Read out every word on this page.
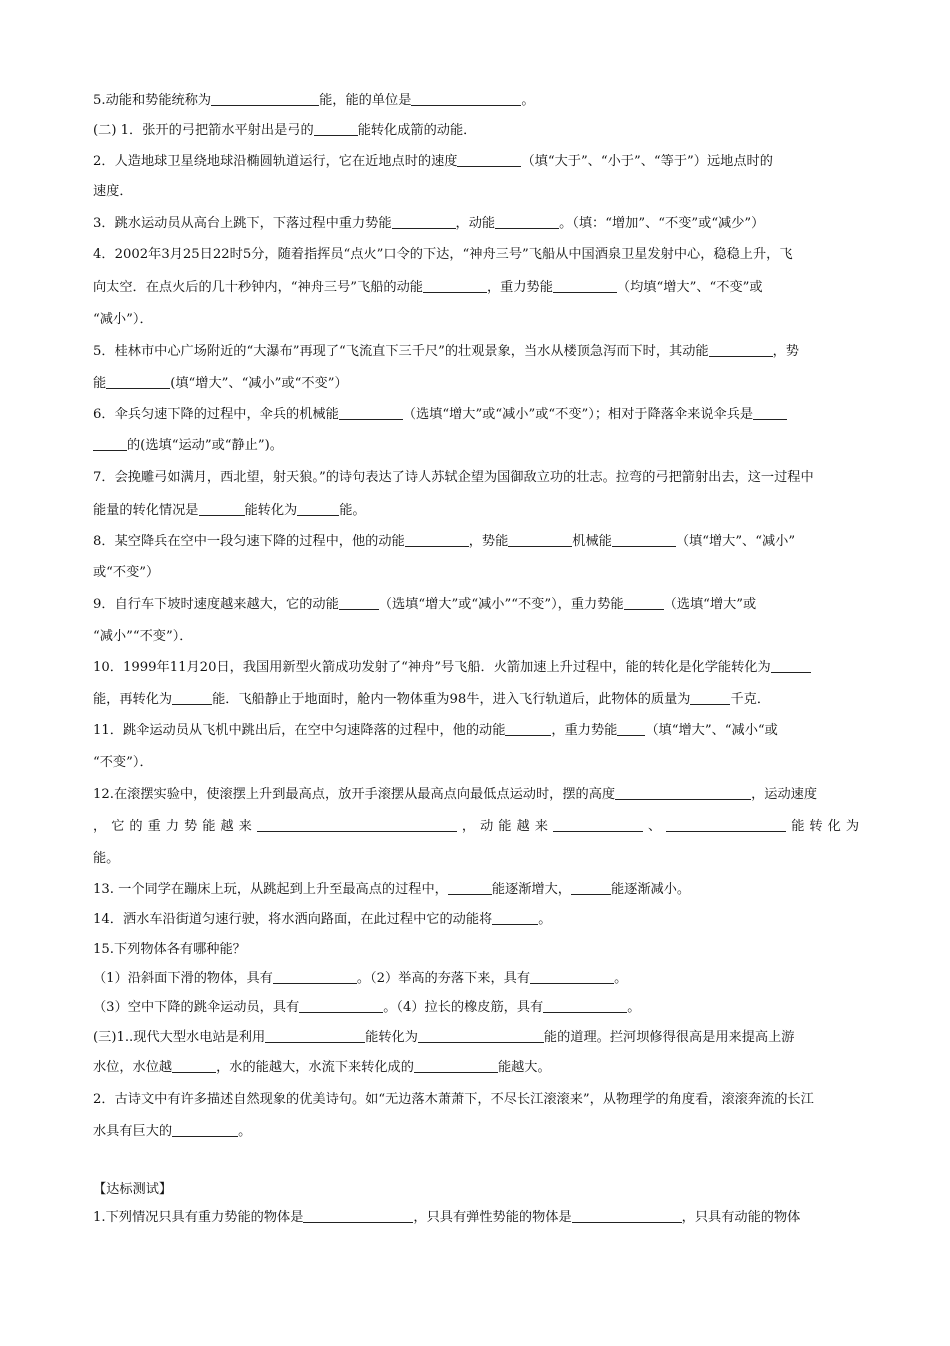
5.动能和势能统称为	能，能的单位是	。
(二) 1．张开的弓把箭水平射出是弓的	能转化成箭的动能．
2．人造地球卫星绕地球沿椭圆轨道运行，它在近地点时的速度	（填“大于”、“小于”、“等于”）远地点时的
速度．
3．跳水运动员从高台上跳下，下落过程中重力势能	，动能	。（填：“增加”、“不变”或“减少”）
4．2002年3月25日22时5分，随着指挥员“点火”口令的下达，“神舟三号”飞船从中国酒泉卫星发射中心，稳稳上升，飞
向太空．在点火后的几十秒钟内，“神舟三号”飞船的动能	，重力势能	（均填“增大”、“不变”或
“减小”）．
5．桂林市中心广场附近的“大瀑布”再现了“飞流直下三千尺”的壮观景象，当水从楼顶急泻而下时，其动能	，势
能	(填“增大”、“减小”或“不变”）
6．伞兵匀速下降的过程中，伞兵的机械能	（选填“增大”或“减小”或“不变”）；相对于降落伞来说伞兵是
的(选填“运动”或“静止”)。
7．会挽雕弓如满月，西北望，射天狼。”的诗句表达了诗人苏轼企望为国御敌立功的壮志。拉弯的弓把箭射出去，这一过程中
能量的转化情况是	能转化为	能。
8．某空降兵在空中一段匀速下降的过程中，他的动能	，势能	机械能	（填“增大”、“减小”
或“不变”）
9．自行车下坡时速度越来越大，它的动能	（选填“增大”或“减小”“不变”），重力势能	（选填“增大”或
“减小”“不变”）．
10．1999年11月20日，我国用新型火箭成功发射了“神舟”号飞船．火箭加速上升过程中，能的转化是化学能转化为
能，再转化为	能．飞船静止于地面时，舱内一物体重为98牛，进入飞行轨道后，此物体的质量为	千克．
11．跳伞运动员从飞机中跳出后，在空中匀速降落的过程中，他的动能	，重力势能 （填“增大”、“减小“或
“不变”）．
12.在滚摆实验中，使滚摆上升到最高点，放开手滚摆从最高点向最低点运动时，摆的高度	，运动速度
，它的重力势能越来	，动能越来	、	能转化为
能。
13. 一个同学在蹦床上玩，从跳起到上升至最高点的过程中，	能逐渐增大，	能逐渐减小。
14．洒水车沿街道匀速行驶，将水洒向路面，在此过程中它的动能将	。
15.下列物体各有哪种能？
（1）沿斜面下滑的物体，具有	。（2）举高的夯落下来，具有	。
（3）空中下降的跳伞运动员，具有	。（4）拉长的橡皮筋，具有	。
(三)1..现代大型水电站是利用	能转化为	能的道理。拦河坝修得很高是用来提高上游
水位，水位越	，水的能越大，水流下来转化成的	能越大。
2．古诗文中有许多描述自然现象的优美诗句。如“无边落木萧萧下，不尽长江滚滚来”，从物理学的角度看，滚滚奔流的长江
水具有巨大的	。
【达标测试】
1.下列情况只具有重力势能的物体是	，只具有弹性势能的物体是	，只具有动能的物体
